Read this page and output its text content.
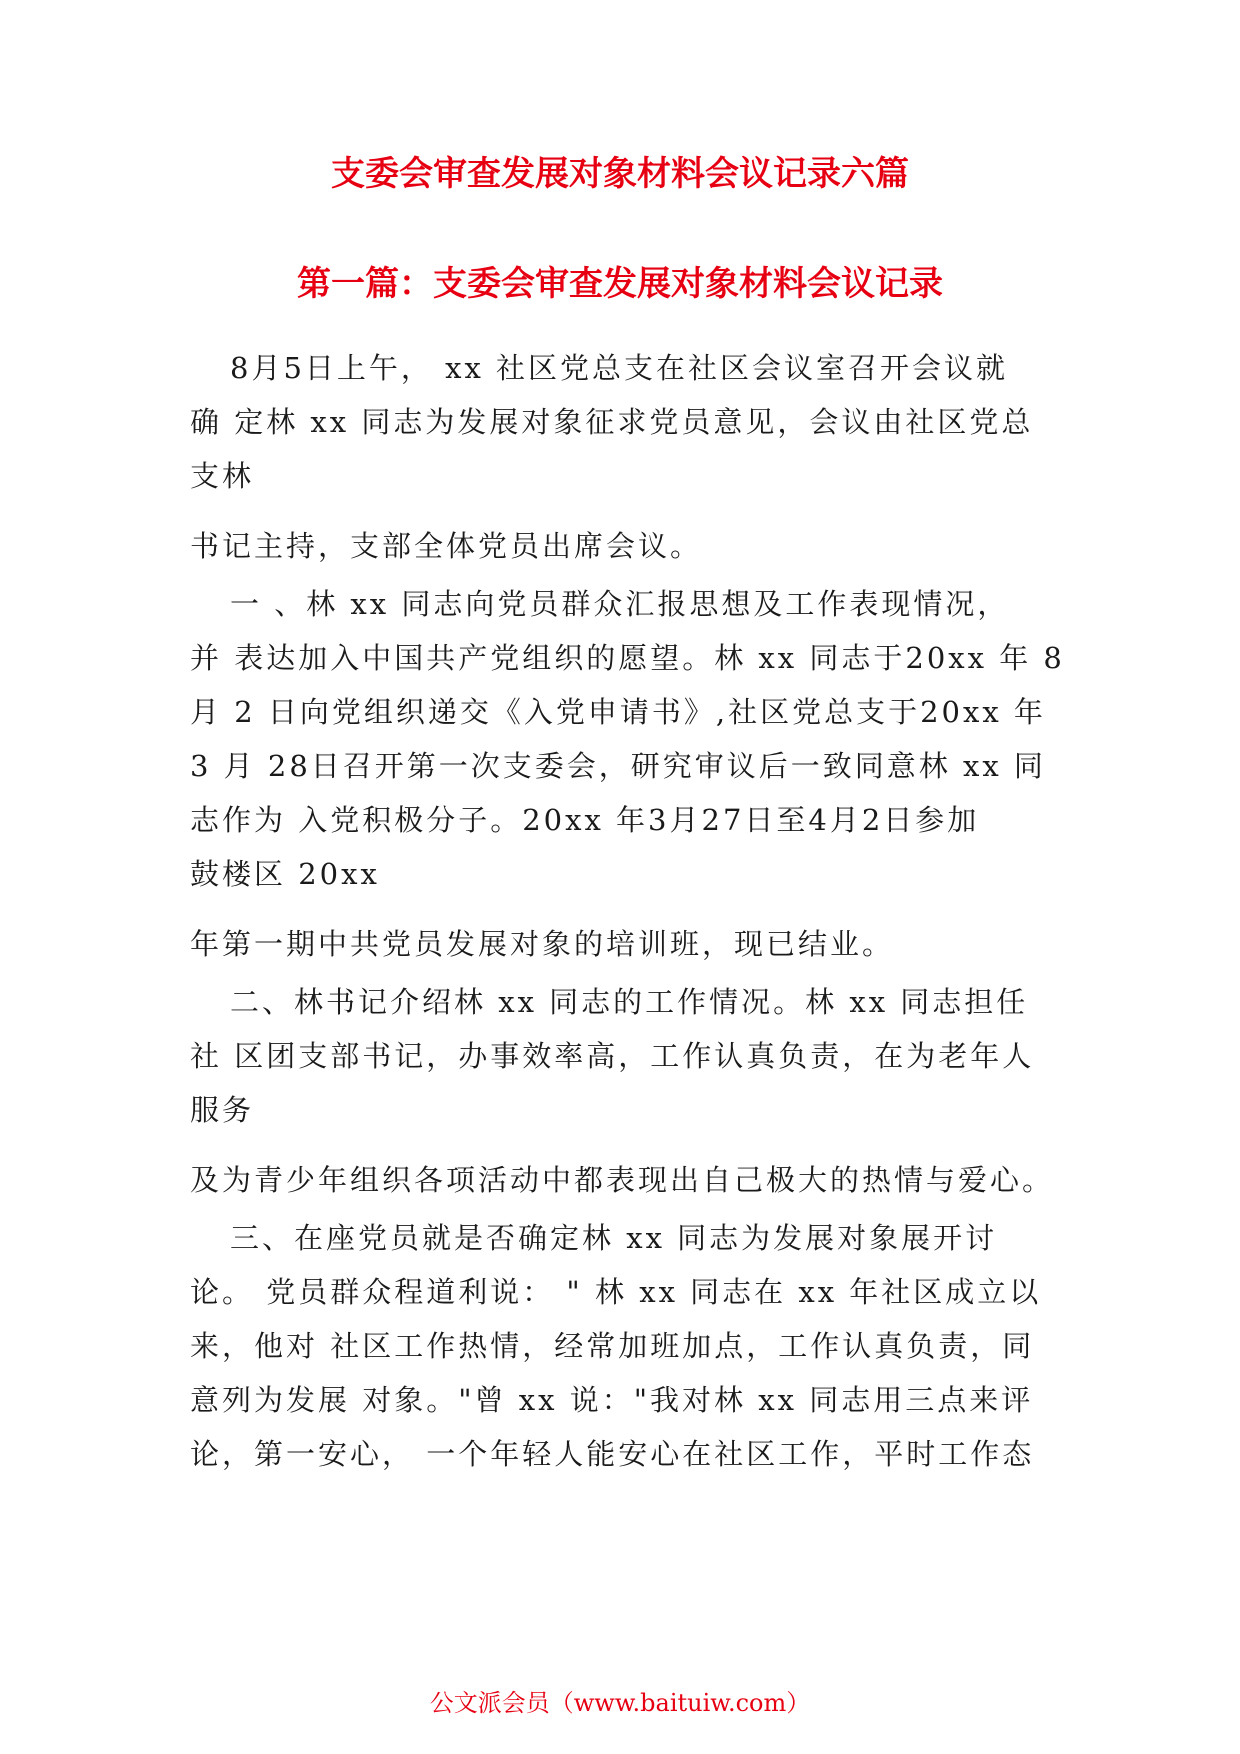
支委会审查发展对象材料会议记录六篇
第一篇：支委会审查发展对象材料会议记录
8月5日上午， xx 社区党总支在社区会议室召开会议就
确 定林 xx 同志为发展对象征求党员意见，会议由社区党总
支林
书记主持，支部全体党员出席会议。
一 、林 xx 同志向党员群众汇报思想及工作表现情况，
并 表达加入中国共产党组织的愿望。林 xx 同志于20xx 年 8
月 2 日向党组织递交《入党申请书》,社区党总支于20xx 年
3 月 28日召开第一次支委会，研究审议后一致同意林 xx 同
志作为 入党积极分子。20xx 年3月27日至4月2日参加
鼓楼区 20xx
年第一期中共党员发展对象的培训班，现已结业。
二、林书记介绍林 xx 同志的工作情况。林 xx 同志担任
社 区团支部书记，办事效率高，工作认真负责，在为老年人
服务
及为青少年组织各项活动中都表现出自己极大的热情与爱心。
三、在座党员就是否确定林 xx 同志为发展对象展开讨
论。 党员群众程道利说： " 林 xx 同志在 xx 年社区成立以
来，他对 社区工作热情，经常加班加点，工作认真负责，同
意列为发展 对象。"曾 xx 说："我对林 xx 同志用三点来评
论，第一安心， 一个年轻人能安心在社区工作，平时工作态
公文派会员（www.baituiw.com）
